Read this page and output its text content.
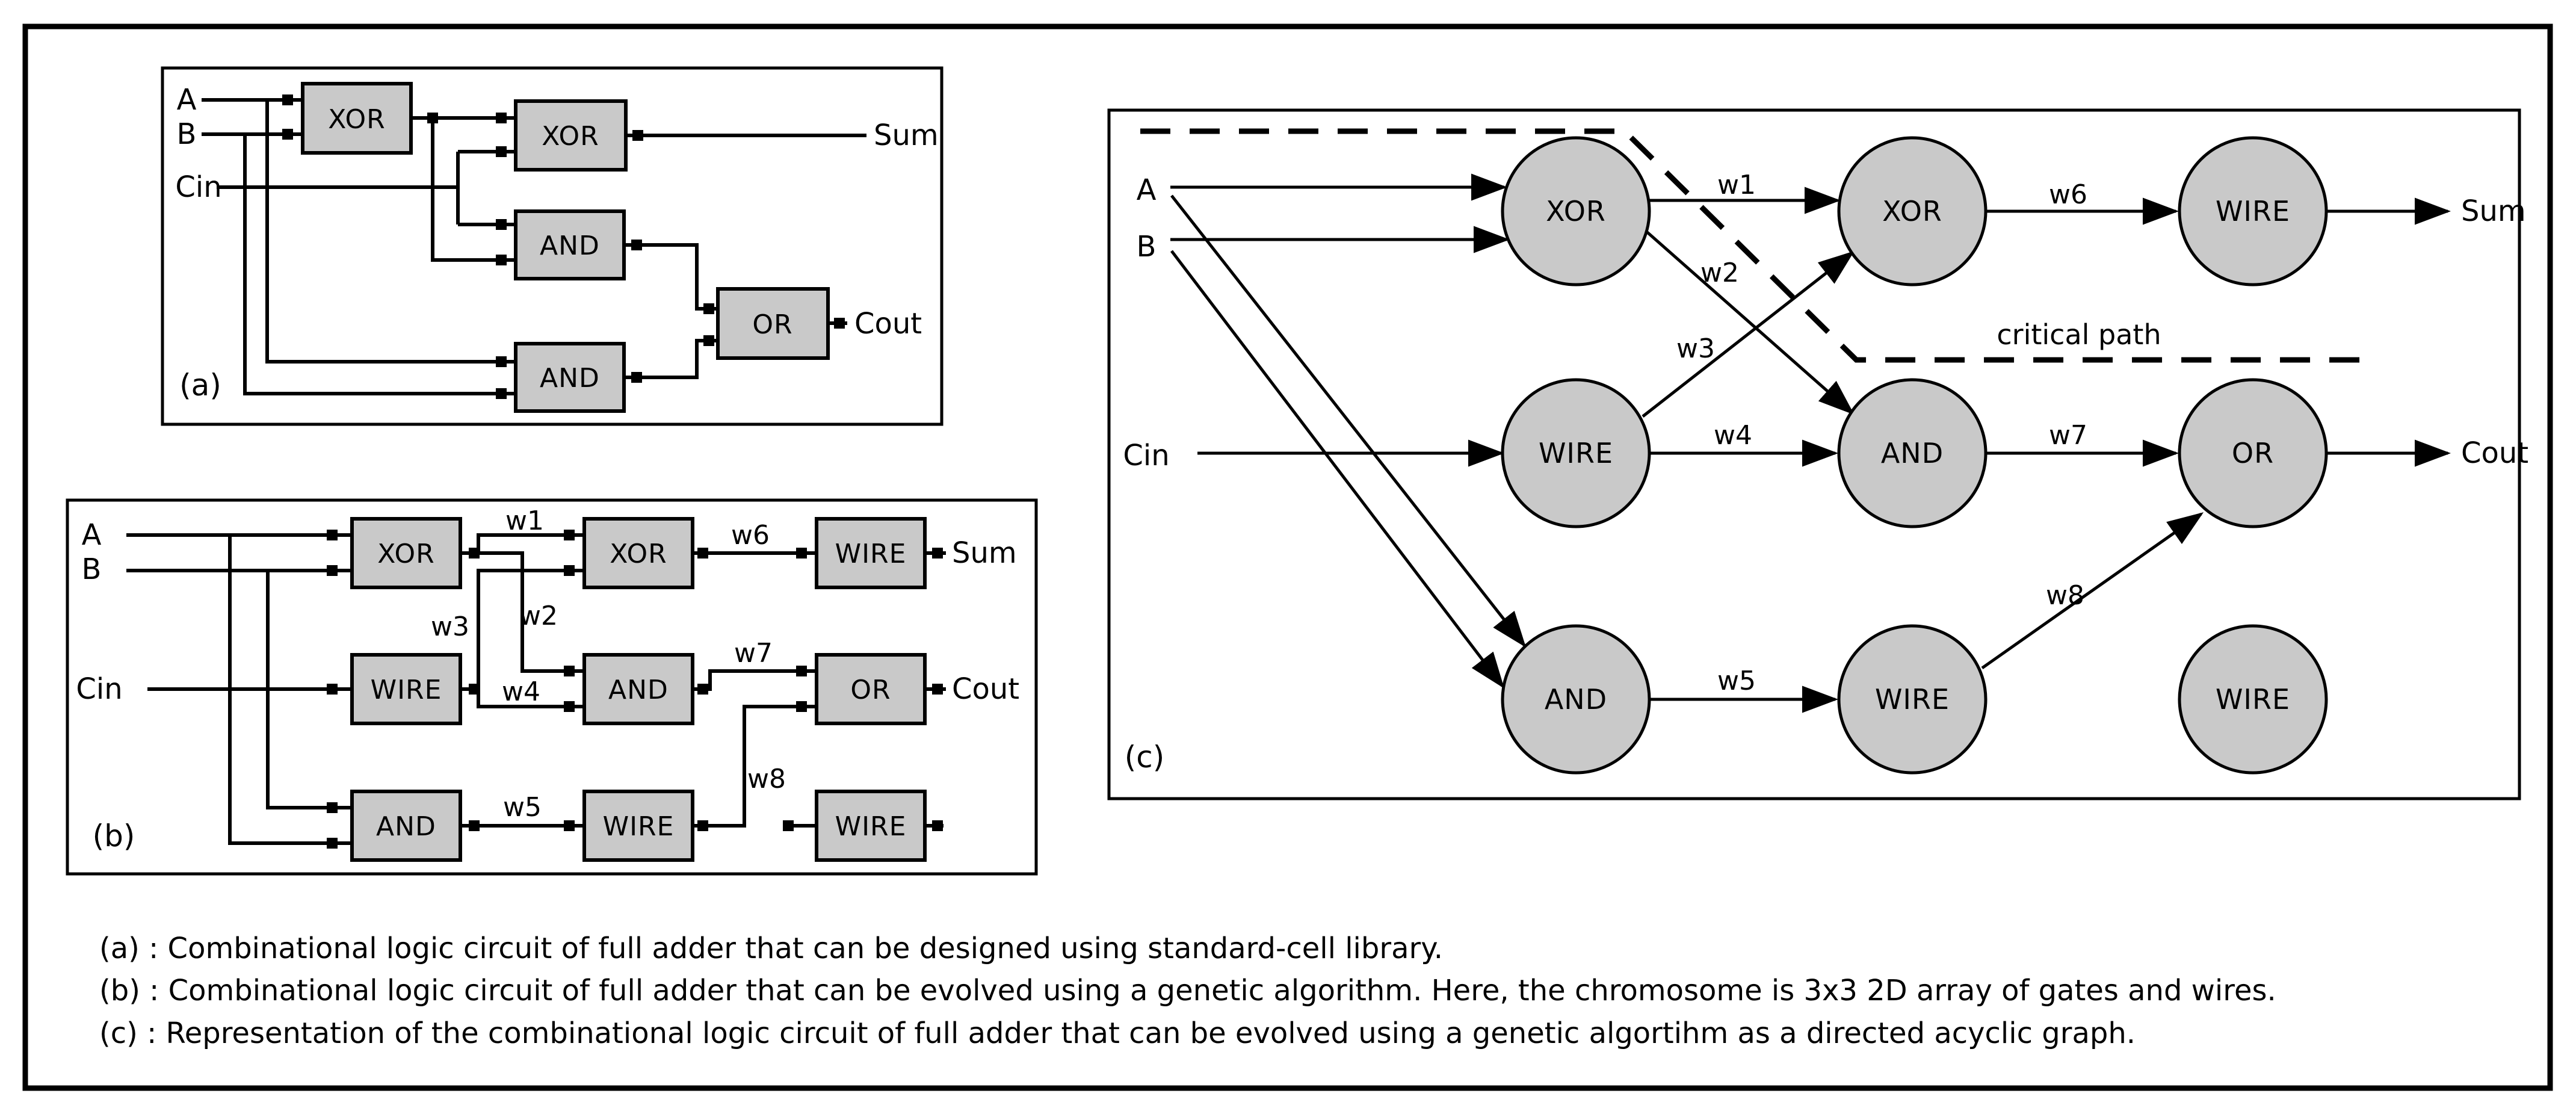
XOR
XOR
AND
AND
OR
A
B
Cin
Sum
Cout
(a)
XOR	XOR	WIRE
WIRE	AND	OR
AND	WIRE	WIRE
A
B
Cin
Sum
Cout
(b)
w1
w2
w3
w4
w5
w6
w7
w8
critical path
XOR	XOR	WIRE
WIRE	AND	OR
AND	WIRE	WIRE
A
B
Cin
Sum
Cout
(c)
w1
w2
w3
w4
w5
w6
w7
w8
(a) : Combinational logic circuit of full adder that can be designed using standard-cell library.
(b) : Combinational logic circuit of full adder that can be evolved using a genetic algorithm. Here, the chromosome is 3x3 2D array of gates and wires.
(c) : Representation of the combinational logic circuit of full adder that can be evolved using a genetic algortihm as a directed acyclic graph.
